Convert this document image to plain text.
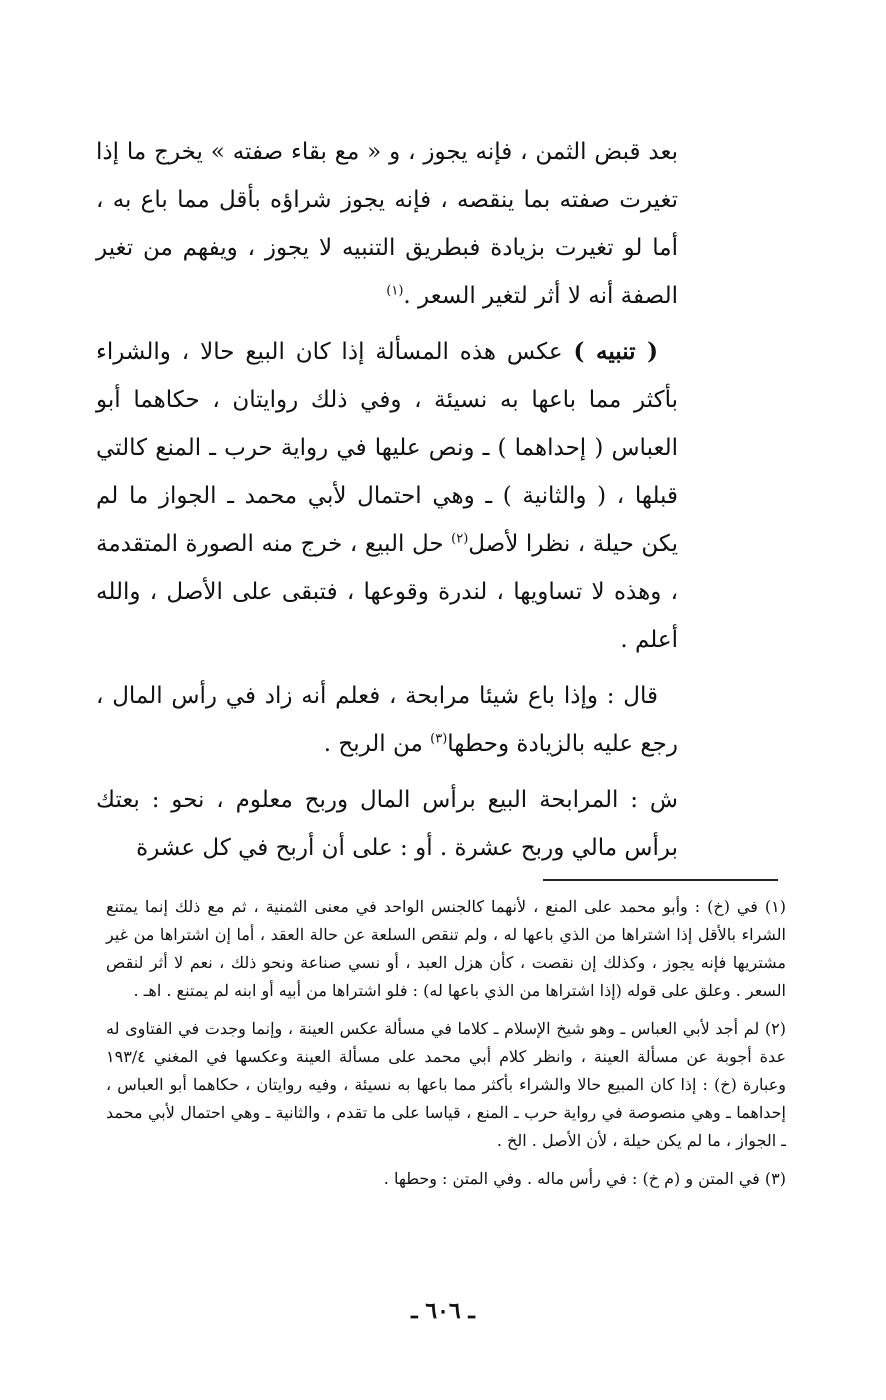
بعد قبض الثمن ، فإنه يجوز ، و « مع بقاء صفته » يخرج ما إذا تغيرت صفته بما ينقصه ، فإنه يجوز شراؤه بأقل مما باع به ، أما لو تغيرت بزيادة فبطريق التنبيه لا يجوز ، ويفهم من تغير الصفة أنه لا أثر لتغير السعر .$^{(١)}$

( تنبيه ) عكس هذه المسألة إذا كان البيع حالا ، والشراء بأكثر مما باعها به نسيئة ، وفي ذلك روايتان ، حكاهما أبو العباس ( إحداهما ) ـ ونص عليها في رواية حرب ـ المنع كالتي قبلها ، ( والثانية ) ـ وهي احتمال لأبي محمد ـ الجواز ما لم يكن حيلة ، نظرا لأصل$^{(٢)}$ حل البيع ، خرج منه الصورة المتقدمة ، وهذه لا تساويها ، لندرة وقوعها ، فتبقى على الأصل ، والله أعلم .

قال : وإذا باع شيئا مرابحة ، فعلم أنه زاد في رأس المال ، رجع عليه بالزيادة وحطها$^{(٣)}$ من الربح .

ش : المرابحة البيع برأس المال وربح معلوم ، نحو : بعتك برأس مالي وربح عشرة . أو : على أن أربح في كل عشرة

(١) في (خ) : وأبو محمد على المنع ، لأنهما كالجنس الواحد في معنى الثمنية ، ثم مع ذلك إنما يمتنع الشراء بالأقل إذا اشتراها من الذي باعها له ، ولم تنقص السلعة عن حالة العقد ، أما إن اشتراها من غير مشتريها فإنه يجوز ، وكذلك إن نقصت ، كأن هزل العبد ، أو نسي صناعة ونحو ذلك ، نعم لا أثر لنقص السعر . وعلق على قوله (إذا اشتراها من الذي باعها له) : فلو اشتراها من أبيه أو ابنه لم يمتنع . اهـ .

(٢) لم أجد لأبي العباس ـ وهو شيخ الإسلام ـ كلاما في مسألة عكس العينة ، وإنما وجدت في الفتاوى له عدة أجوبة عن مسألة العينة ، وانظر كلام أبي محمد على مسألة العينة وعكسها في المغني ١٩٣/٤ وعبارة (خ) : إذا كان المبيع حالا والشراء بأكثر مما باعها به نسيئة ، وفيه روايتان ، حكاهما أبو العباس ، إحداهما ـ وهي منصوصة في رواية حرب ـ المنع ، قياسا على ما تقدم ، والثانية ـ وهي احتمال لأبي محمد ـ الجواز ، ما لم يكن حيلة ، لأن الأصل . الخ .

(٣) في المتن و (م خ) : في رأس ماله . وفي المتن : وحطها .

ـ ٦٠٦ ـ
